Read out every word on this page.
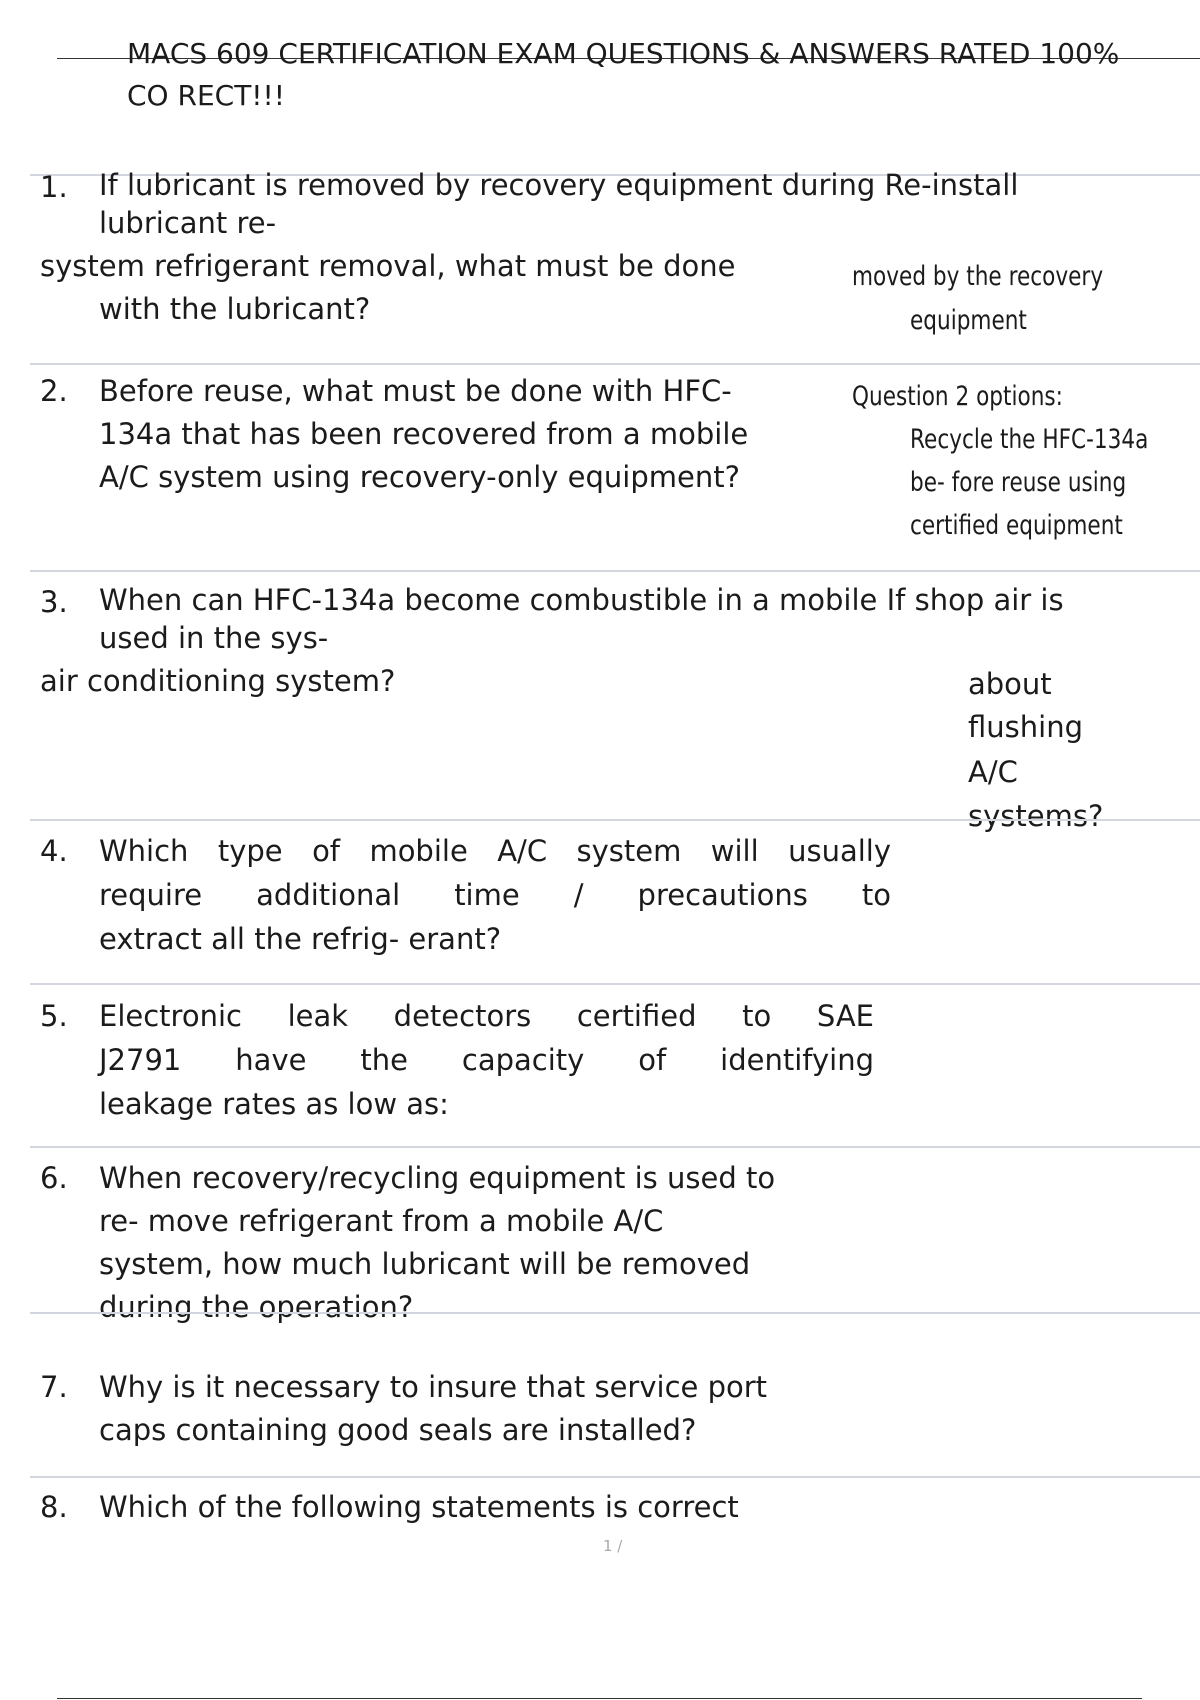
MACS 609 CERTIFICATION EXAM QUESTIONS & ANSWERS RATED 100%
CO RECT!!!
1.	If lubricant is removed by recovery equipment during Re-install
lubricant re-
system refrigerant removal, what must be done
with the lubricant?
moved by the recovery
equipment
2.	Before reuse, what must be done with HFC-
134a that has been recovered from a mobile
A/C system using recovery-only equipment?
Question 2 options:
Recycle the HFC-134a
be- fore reuse using
certified equipment
3.	When can HFC-134a become combustible in a mobile If shop air is
used in the sys-
air conditioning system?	about
flushing
A/C
systems?
4. Which type of mobile A/C system will usually
require additional time / precautions to
extract all the refrig- erant?
5. Electronic leak detectors certified to SAE
J2791 have the capacity of identifying
leakage rates as low as:
6.	When recovery/recycling equipment is used to
re- move refrigerant from a mobile A/C
system, how much lubricant will be removed
during the operation?
7.	Why is it necessary to insure that service port
caps containing good seals are installed?
8.	Which of the following statements is correct
1 /
